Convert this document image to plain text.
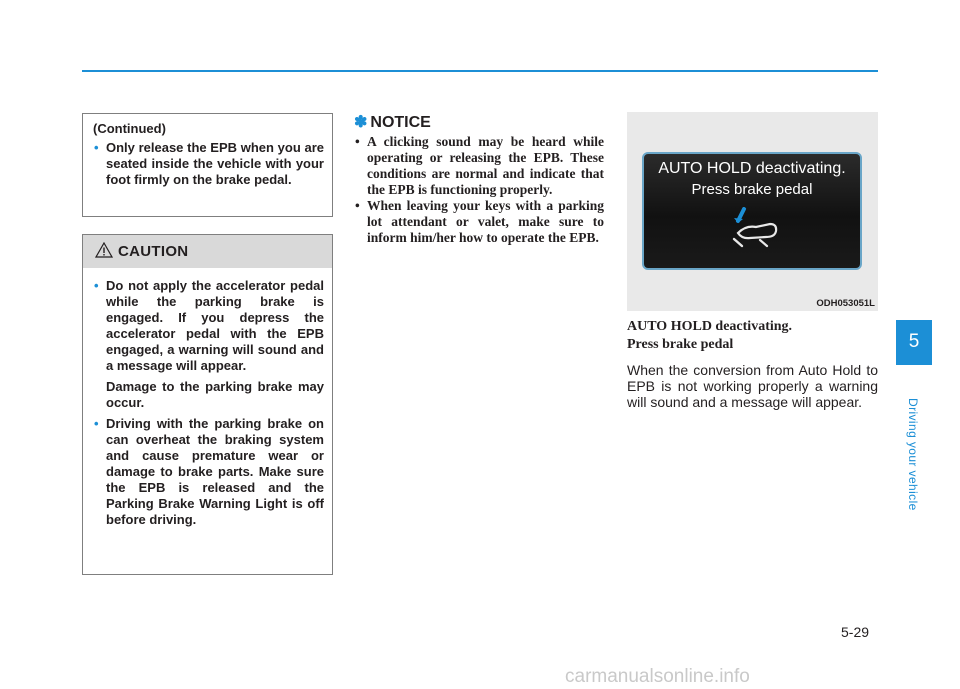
(Continued)
• Only release the EPB when you are seated inside the vehicle with your foot firmly on the brake pedal.
CAUTION
• Do not apply the accelerator pedal while the parking brake is engaged. If you depress the accelerator pedal with the EPB engaged, a warning will sound and a message will appear.
Damage to the parking brake may occur.
• Driving with the parking brake on can overheat the braking system and cause premature wear or damage to brake parts. Make sure the EPB is released and the Parking Brake Warning Light is off before driving.
✽ NOTICE
• A clicking sound may be heard while operating or releasing the EPB. These conditions are normal and indicate that the EPB is functioning properly.
• When leaving your keys with a parking lot attendant or valet, make sure to inform him/her how to operate the EPB.
AUTO HOLD deactivating.
Press brake pedal
ODH053051L
AUTO HOLD deactivating.
Press brake pedal
When the conversion from Auto Hold to EPB is not working properly a warning will sound and a message will appear.
5
Driving your vehicle
5-29
carmanualsonline.info
